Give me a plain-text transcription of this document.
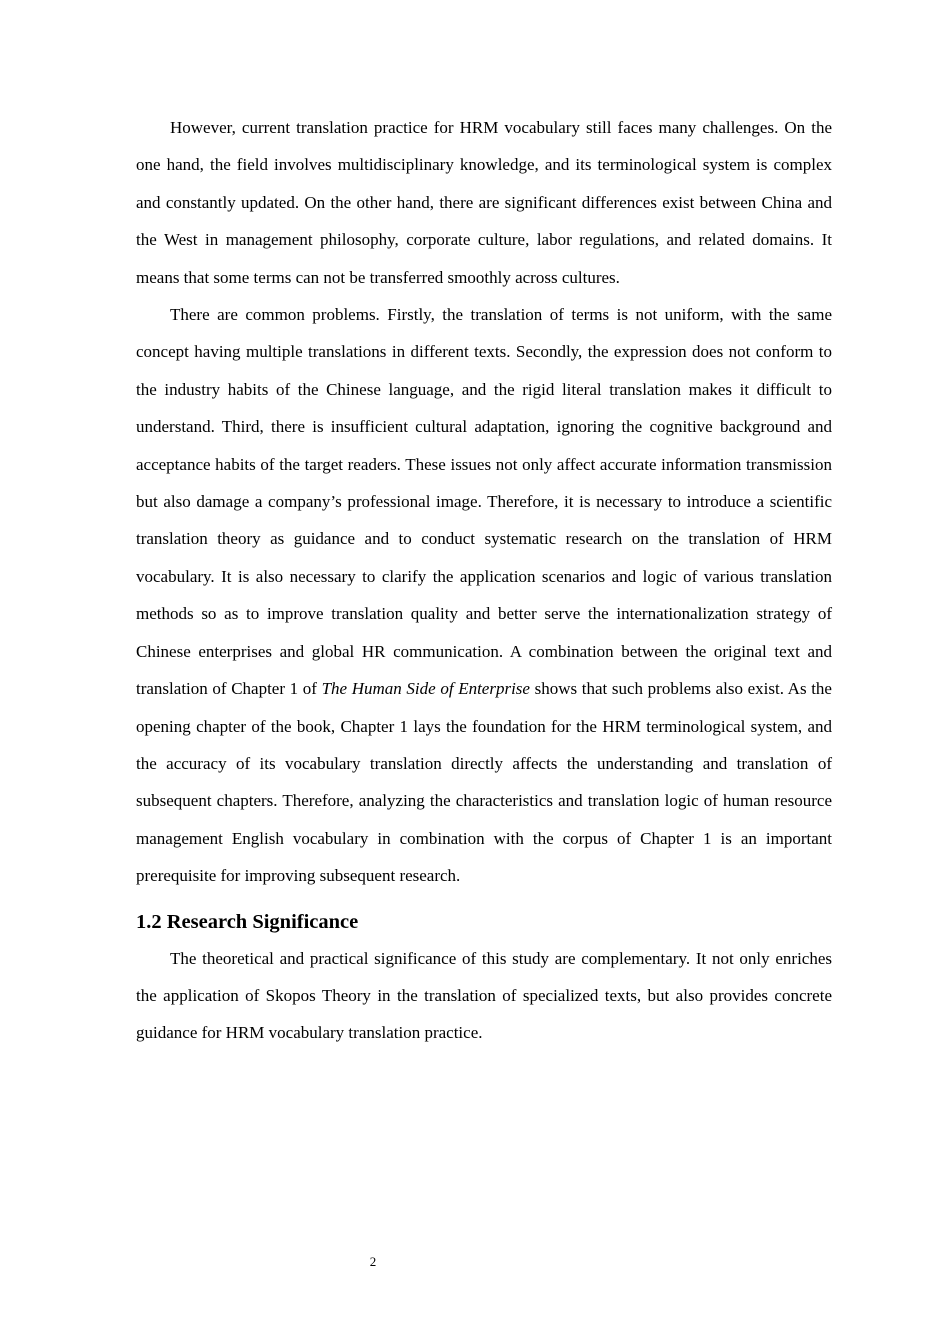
However, current translation practice for HRM vocabulary still faces many challenges. On the one hand, the field involves multidisciplinary knowledge, and its terminological system is complex and constantly updated. On the other hand, there are significant differences exist between China and the West in management philosophy, corporate culture, labor regulations, and related domains. It means that some terms can not be transferred smoothly across cultures.

There are common problems. Firstly, the translation of terms is not uniform, with the same concept having multiple translations in different texts. Secondly, the expression does not conform to the industry habits of the Chinese language, and the rigid literal translation makes it difficult to understand. Third, there is insufficient cultural adaptation, ignoring the cognitive background and acceptance habits of the target readers. These issues not only affect accurate information transmission but also damage a company’s professional image. Therefore, it is necessary to introduce a scientific translation theory as guidance and to conduct systematic research on the translation of HRM vocabulary. It is also necessary to clarify the application scenarios and logic of various translation methods so as to improve translation quality and better serve the internationalization strategy of Chinese enterprises and global HR communication. A combination between the original text and translation of Chapter 1 of The Human Side of Enterprise shows that such problems also exist. As the opening chapter of the book, Chapter 1 lays the foundation for the HRM terminological system, and the accuracy of its vocabulary translation directly affects the understanding and translation of subsequent chapters. Therefore, analyzing the characteristics and translation logic of human resource management English vocabulary in combination with the corpus of Chapter 1 is an important prerequisite for improving subsequent research.

1.2 Research Significance

The theoretical and practical significance of this study are complementary. It not only enriches the application of Skopos Theory in the translation of specialized texts, but also provides concrete guidance for HRM vocabulary translation practice.

2
